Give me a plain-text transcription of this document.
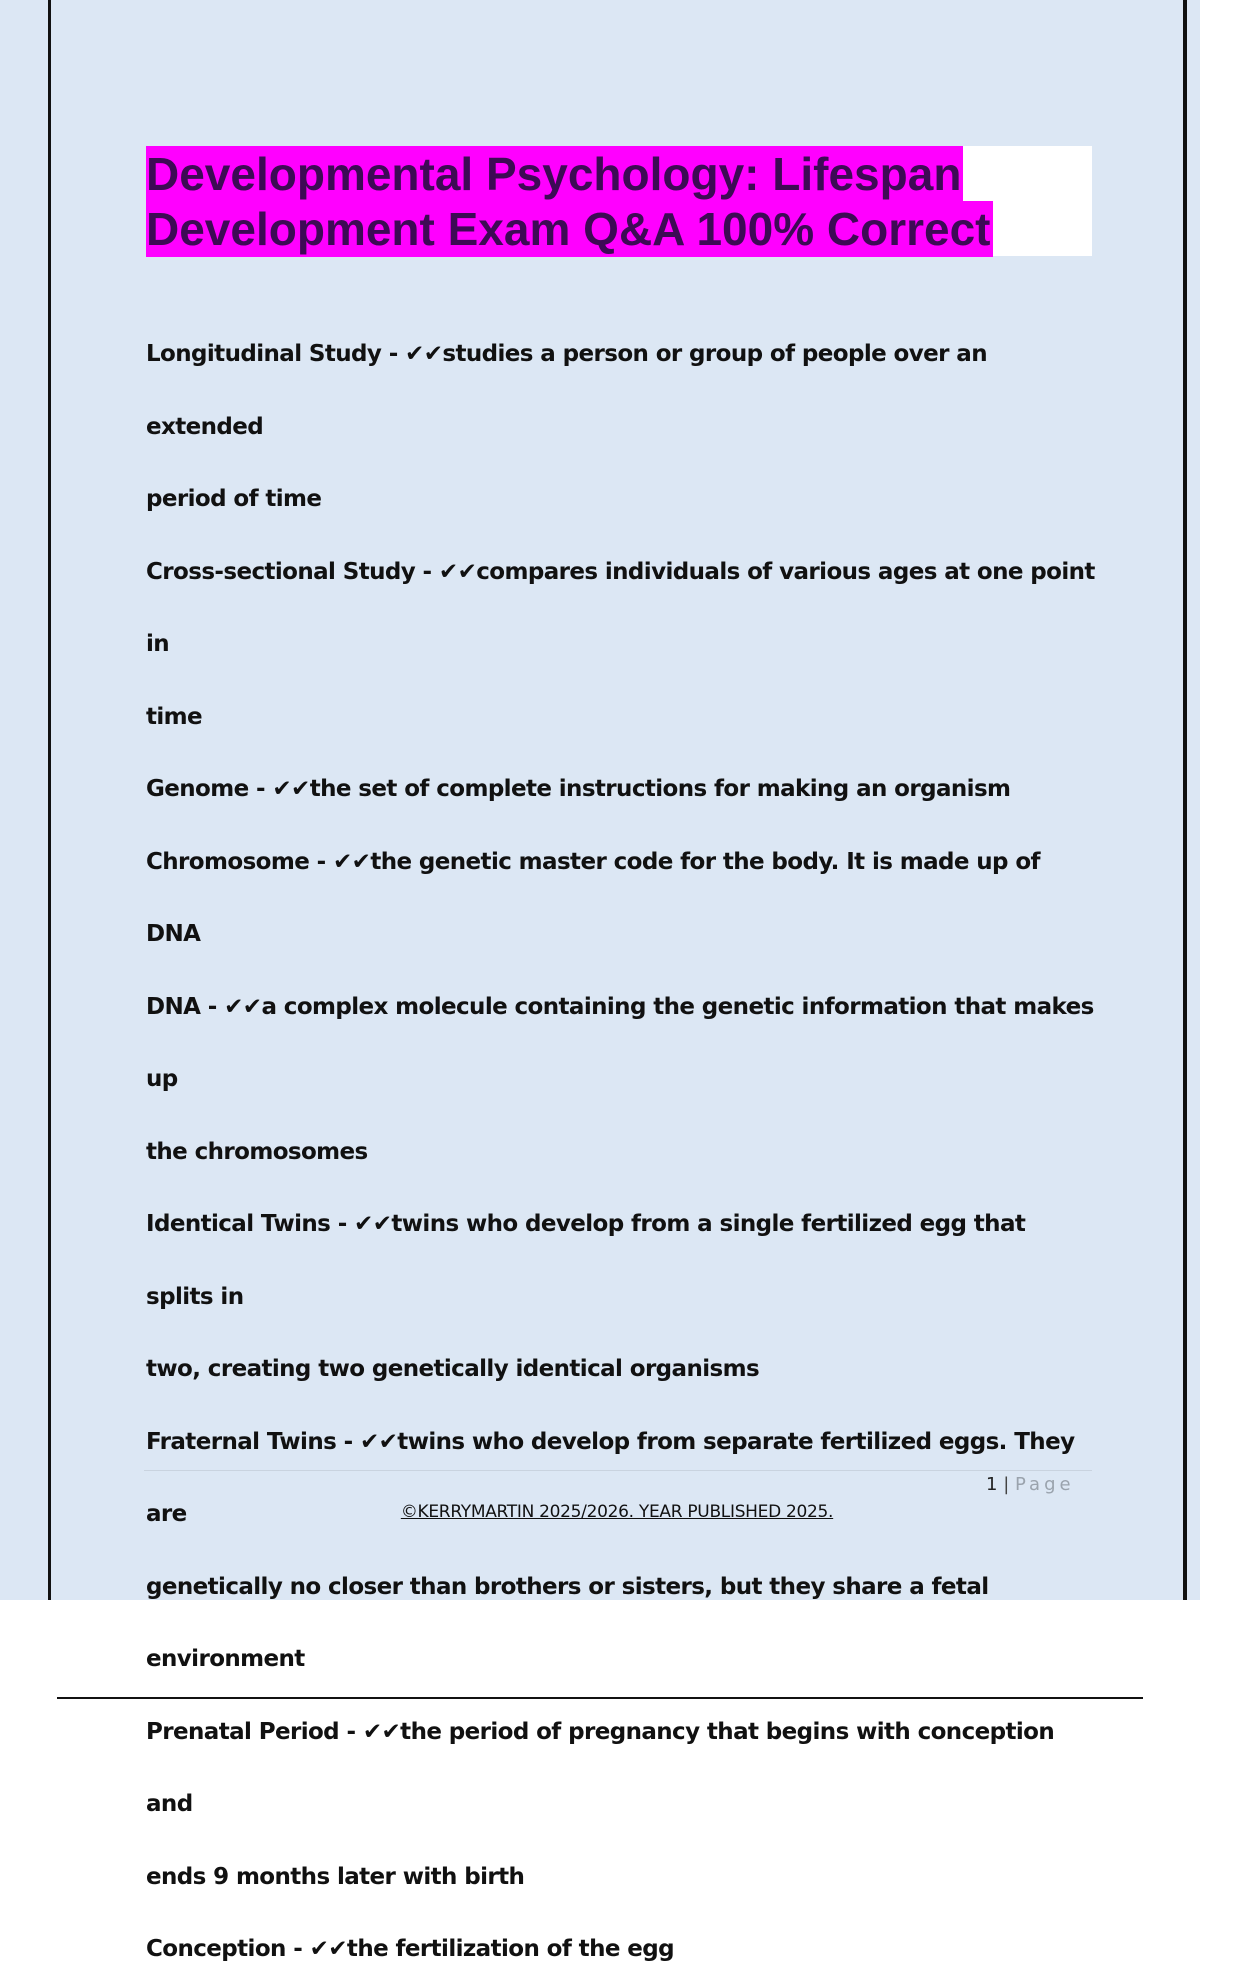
Developmental Psychology: Lifespan
Development Exam Q&A 100% Correct
Longitudinal Study - ✔✔studies a person or group of people over an extended
period of time
Cross-sectional Study - ✔✔compares individuals of various ages at one point in
time
Genome - ✔✔the set of complete instructions for making an organism
Chromosome - ✔✔the genetic master code for the body. It is made up of DNA
DNA - ✔✔a complex molecule containing the genetic information that makes up
the chromosomes
Identical Twins - ✔✔twins who develop from a single fertilized egg that splits in
two, creating two genetically identical organisms
Fraternal Twins - ✔✔twins who develop from separate fertilized eggs. They are
genetically no closer than brothers or sisters, but they share a fetal environment
Prenatal Period - ✔✔the period of pregnancy that begins with conception and
ends 9 months later with birth
Conception - ✔✔the fertilization of the egg
1 | Page
©KERRYMARTIN 2025/2026. YEAR PUBLISHED 2025.
